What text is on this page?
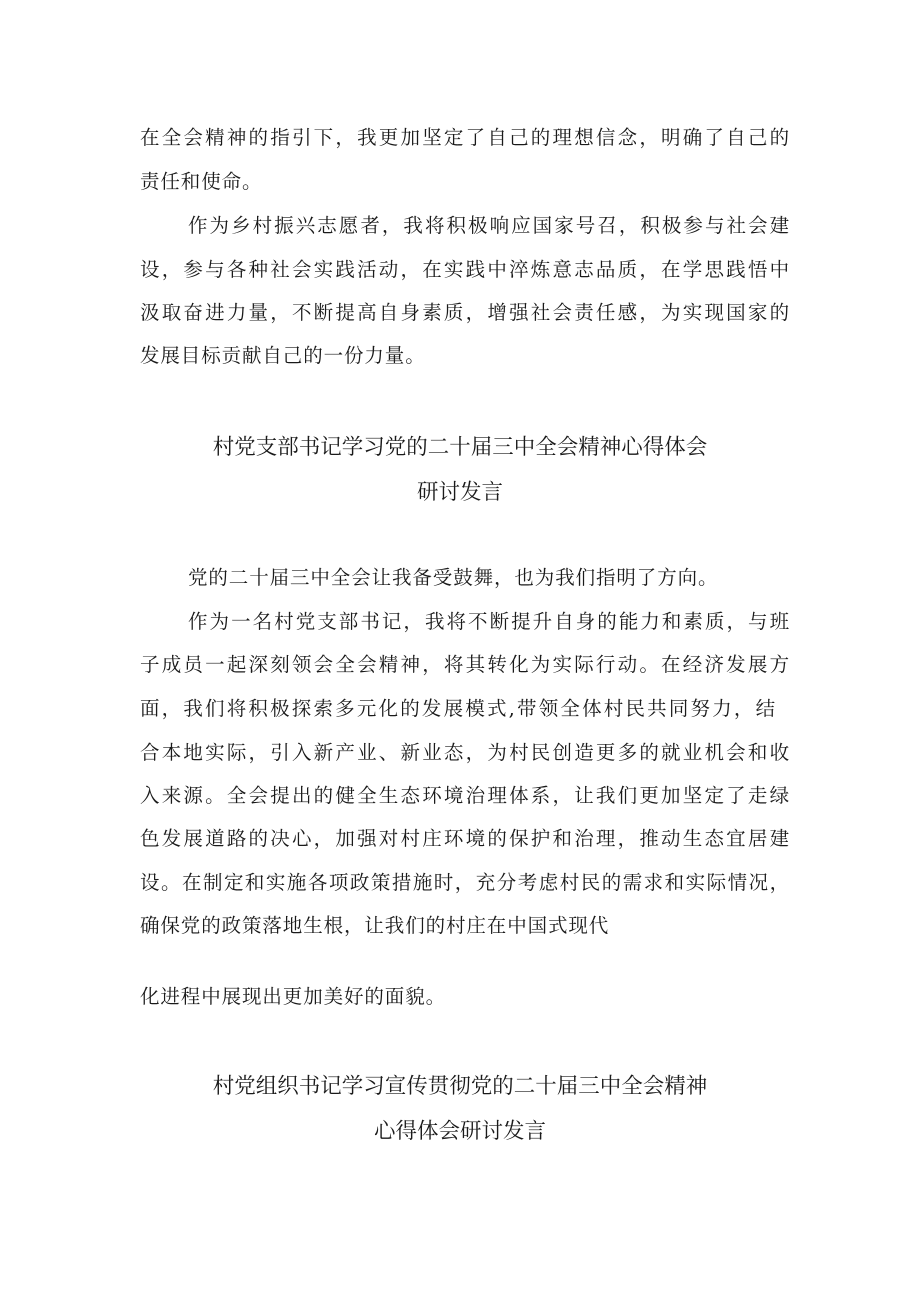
在全会精神的指引下，我更加坚定了自己的理想信念，明确了自己的
责任和使命。
作为乡村振兴志愿者，我将积极响应国家号召，积极参与社会建
设，参与各种社会实践活动，在实践中淬炼意志品质，在学思践悟中
汲取奋进力量，不断提高自身素质，增强社会责任感，为实现国家的
发展目标贡献自己的一份力量。
村党支部书记学习党的二十届三中全会精神心得体会
研讨发言
党的二十届三中全会让我备受鼓舞，也为我们指明了方向。
作为一名村党支部书记，我将不断提升自身的能力和素质，与班
子成员一起深刻领会全会精神，将其转化为实际行动。在经济发展方
面，我们将积极探索多元化的发展模式,带领全体村民共同努力，结
合本地实际，引入新产业、新业态，为村民创造更多的就业机会和收
入来源。全会提出的健全生态环境治理体系，让我们更加坚定了走绿
色发展道路的决心，加强对村庄环境的保护和治理，推动生态宜居建
设。在制定和实施各项政策措施时，充分考虑村民的需求和实际情况，
确保党的政策落地生根，让我们的村庄在中国式现代
化进程中展现出更加美好的面貌。
村党组织书记学习宣传贯彻党的二十届三中全会精神
心得体会研讨发言
